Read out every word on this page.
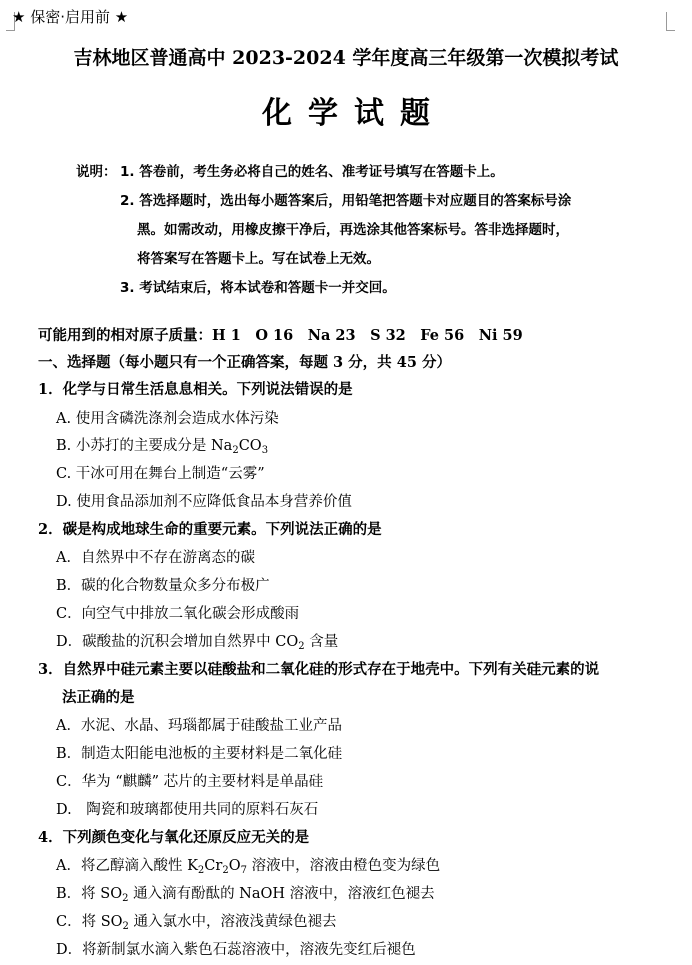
★ 保密·启用前 ★
吉林地区普通高中 2023-2024 学年度高三年级第一次模拟考试
化学试题
说明： 1. 答卷前，考生务必将自己的姓名、准考证号填写在答题卡上。
2. 答选择题时，选出每小题答案后，用铅笔把答题卡对应题目的答案标号涂
黑。如需改动，用橡皮擦干净后，再选涂其他答案标号。答非选择题时，
将答案写在答题卡上。写在试卷上无效。
3. 考试结束后，将本试卷和答题卡一并交回。
可能用到的相对原子质量：H 1　O 16　Na 23　S 32　Fe 56　Ni 59
一、选择题（每小题只有一个正确答案，每题 3 分，共 45 分）
1．化学与日常生活息息相关。下列说法错误的是
A. 使用含磷洗涤剂会造成水体污染
B. 小苏打的主要成分是 $Na_2CO_3$
C. 干冰可用在舞台上制造“云雾”
D. 使用食品添加剂不应降低食品本身营养价值
2．碳是构成地球生命的重要元素。下列说法正确的是
A．自然界中不存在游离态的碳
B．碳的化合物数量众多分布极广
C．向空气中排放二氧化碳会形成酸雨
D．碳酸盐的沉积会增加自然界中 $CO_2$ 含量
3．自然界中硅元素主要以硅酸盐和二氧化硅的形式存在于地壳中。下列有关硅元素的说
法正确的是
A．水泥、水晶、玛瑙都属于硅酸盐工业产品
B．制造太阳能电池板的主要材料是二氧化硅
C．华为 “麒麟” 芯片的主要材料是单晶硅
D.　陶瓷和玻璃都使用共同的原料石灰石
4．下列颜色变化与氧化还原反应无关的是
A．将乙醇滴入酸性 $K_2Cr_2O_7$ 溶液中，溶液由橙色变为绿色
B．将 $SO_2$ 通入滴有酚酞的 NaOH 溶液中，溶液红色褪去
C．将 $SO_2$ 通入氯水中，溶液浅黄绿色褪去
D．将新制氯水滴入紫色石蕊溶液中，溶液先变红后褪色
